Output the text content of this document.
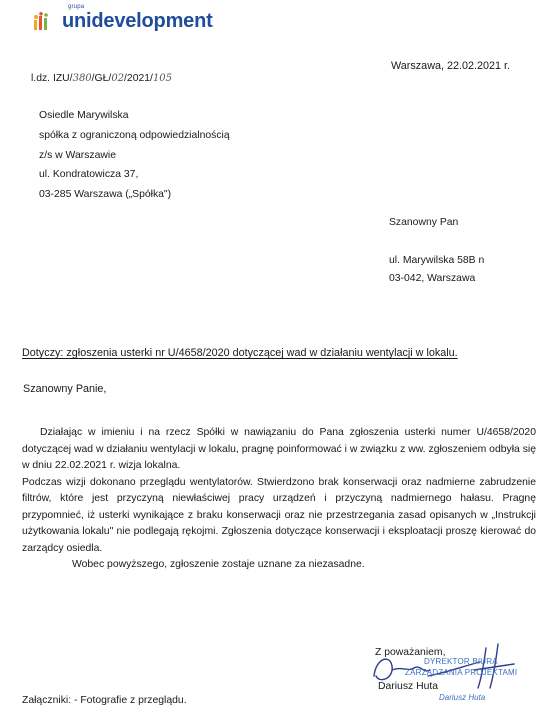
grupa
unidevelopment
l.dz. IZU/380/GŁ/02/2021/105
Warszawa, 22.02.2021 r.
Osiedle Marywilska
spółka z ograniczoną odpowiedzialnością
z/s w Warszawie
ul. Kondratowicza 37,
03-285 Warszawa („Spółka")
Szanowny Pan
ul. Marywilska 58B n
03-042, Warszawa
Dotyczy: zgłoszenia usterki nr U/4658/2020 dotyczącej wad w działaniu wentylacji w lokalu.
Szanowny Panie,

Działając w imieniu i na rzecz Spółki w nawiązaniu do Pana zgłoszenia usterki numer U/4658/2020 dotyczącej wad w działaniu wentylacji w lokalu, pragnę poinformować i w związku z ww. zgłoszeniem odbyła się w dniu 22.02.2021 r. wizja lokalna.

Podczas wizji dokonano przeglądu wentylatorów. Stwierdzono brak konserwacji oraz nadmierne zabrudzenie filtrów, które jest przyczyną niewłaściwej pracy urządzeń i przyczyną nadmiernego hałasu. Pragnę przypomnieć, iż usterki wynikające z braku konserwacji oraz nie przestrzegania zasad opisanych w „Instrukcji użytkowania lokalu" nie podlegają rękojmi. Zgłoszenia dotyczące konserwacji i eksploatacji proszę kierować do zarządcy osiedla.

Wobec powyższego, zgłoszenie zostaje uznane za niezasadne.

Z poważaniem,
DYREKTOR BIURA
ZARZĄDZANIA PROJEKTAMI
Dariusz Huta
Dariusz Huta
Załączniki: - Fotografie z przeglądu.
